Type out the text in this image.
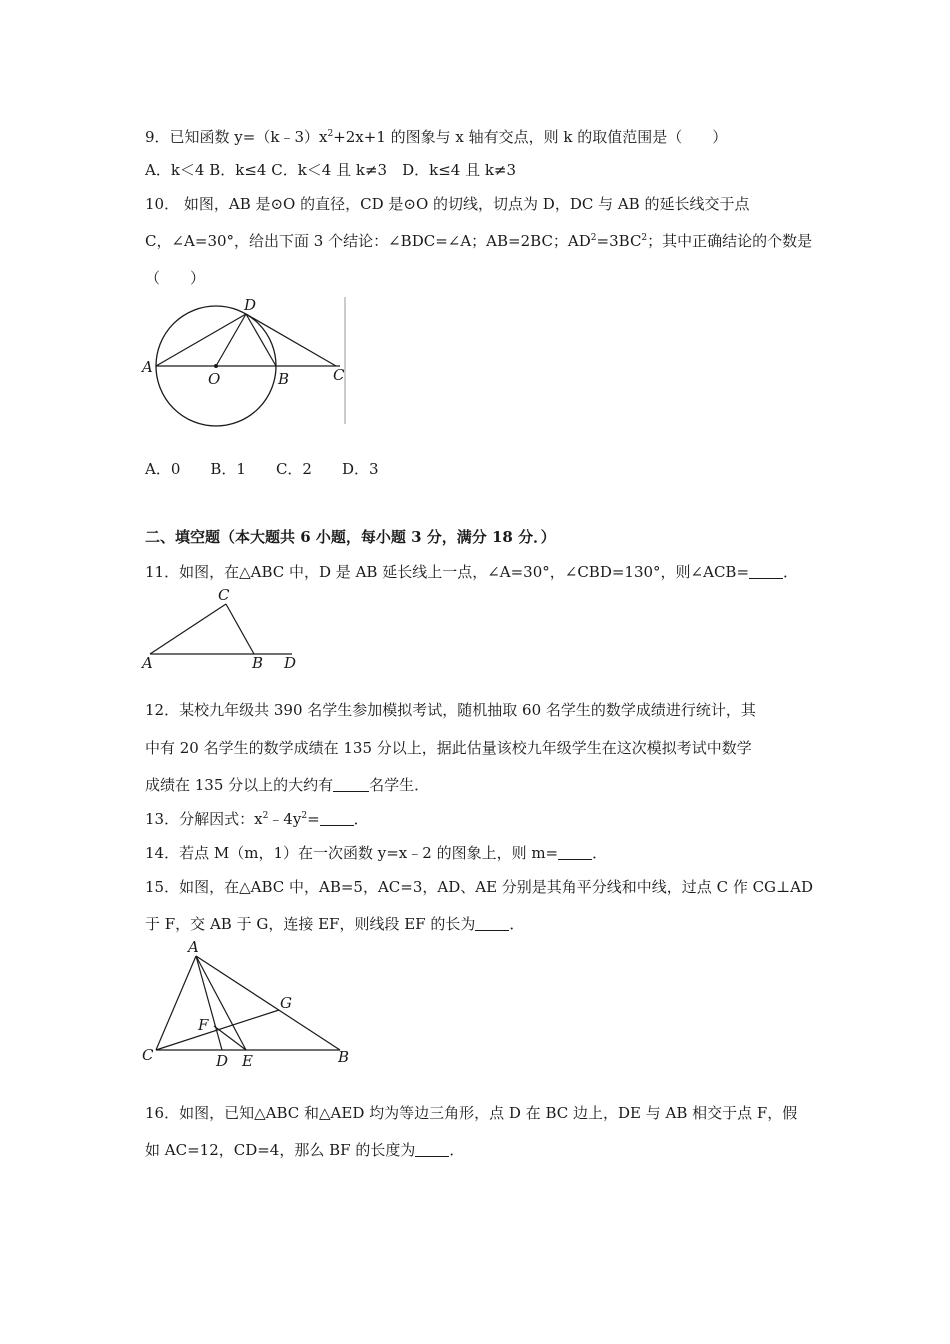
9．已知函数 $y=(k﹣3)x^2+2x+1$ 的图象与 x 轴有交点，则 k 的取值范围是（　　）
A．k＜4 B．k≤4 C．k＜4 且 k≠3　D．k≤4 且 k≠3
10． 如图，AB 是⊙O 的直径，CD 是⊙O 的切线，切点为 D，DC 与 AB 的延长线交于点
C，∠A=30°，给出下面 3 个结论：∠BDC=∠A；AB=2BC；$AD^2=3BC^2$；其中正确结论的个数是
（　　）
D
A
O	B	C
A．0　　B．1　　C．2　　D．3
二、填空题（本大题共 6 小题，每小题 3 分，满分 18 分．）
11．如图，在△ABC 中，D 是 AB 延长线上一点，∠A=30°，∠CBD=130°，则∠ACB= ．
C
A	B D
12．某校九年级共 390 名学生参加模拟考试，随机抽取 60 名学生的数学成绩进行统计，其
中有 20 名学生的数学成绩在 135 分以上，据此估量该校九年级学生在这次模拟考试中数学
成绩在 135 分以上的大约有 名学生．
13．分解因式：$x^2﹣4y^2=$ ．
14．若点 M（m，1）在一次函数 y=x﹣2 的图象上，则 m= ．
15．如图，在△ABC 中，AB=5，AC=3，AD、AE 分别是其角平分线和中线，过点 C 作 CG⊥AD
于 F，交 AB 于 G，连接 EF，则线段 EF 的长为 ．
A
G
F
C	D E	B
16．如图，已知△ABC 和△AED 均为等边三角形，点 D 在 BC 边上，DE 与 AB 相交于点 F，假
如 AC=12，CD=4，那么 BF 的长度为 ．
